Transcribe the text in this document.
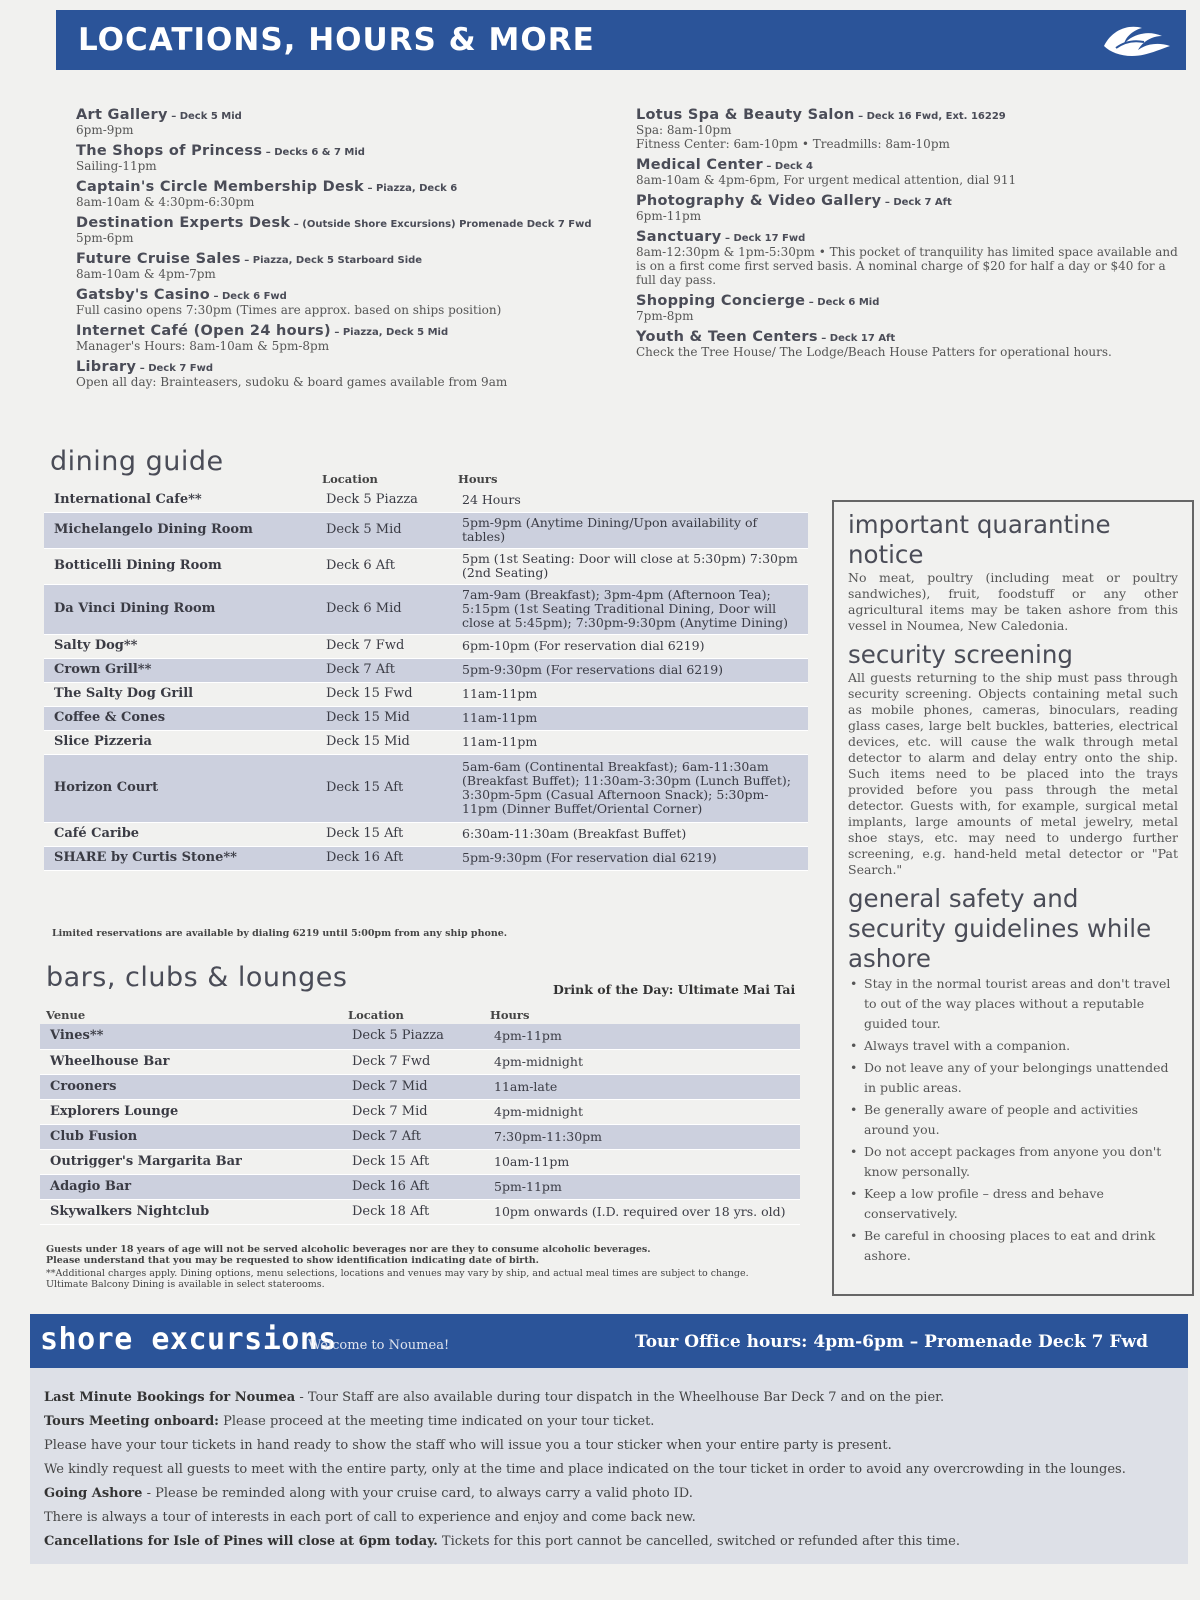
LOCATIONS, HOURS & MORE
Art Gallery – Deck 5 Mid
6pm-9pm
The Shops of Princess – Decks 6 & 7 Mid
Sailing-11pm
Captain's Circle Membership Desk – Piazza, Deck 6
8am-10am & 4:30pm-6:30pm
Destination Experts Desk – (Outside Shore Excursions) Promenade Deck 7 Fwd
5pm-6pm
Future Cruise Sales – Piazza, Deck 5 Starboard Side
8am-10am & 4pm-7pm
Gatsby's Casino – Deck 6 Fwd
Full casino opens 7:30pm (Times are approx. based on ships position)
Internet Café (Open 24 hours) – Piazza, Deck 5 Mid
Manager's Hours: 8am-10am & 5pm-8pm
Library – Deck 7 Fwd
Open all day: Brainteasers, sudoku & board games available from 9am
Lotus Spa & Beauty Salon – Deck 16 Fwd, Ext. 16229
Spa: 8am-10pm
Fitness Center: 6am-10pm • Treadmills: 8am-10pm
Medical Center – Deck 4
8am-10am & 4pm-6pm, For urgent medical attention, dial 911
Photography & Video Gallery – Deck 7 Aft
6pm-11pm
Sanctuary – Deck 17 Fwd
8am-12:30pm & 1pm-5:30pm • This pocket of tranquility has limited space available and is on a first come first served basis. A nominal charge of $20 for half a day or $40 for a full day pass.
Shopping Concierge – Deck 6 Mid
7pm-8pm
Youth & Teen Centers – Deck 17 Aft
Check the Tree House/ The Lodge/Beach House Patters for operational hours.
dining guide
	Location	Hours
International Cafe**	Deck 5 Piazza	24 Hours
Michelangelo Dining Room	Deck 5 Mid	5pm-9pm (Anytime Dining/Upon availability of tables)
Botticelli Dining Room	Deck 6 Aft	5pm (1st Seating: Door will close at 5:30pm) 7:30pm (2nd Seating)
Da Vinci Dining Room	Deck 6 Mid	7am-9am (Breakfast); 3pm-4pm (Afternoon Tea); 5:15pm (1st Seating Traditional Dining, Door will close at 5:45pm); 7:30pm-9:30pm (Anytime Dining)
Salty Dog**	Deck 7 Fwd	6pm-10pm (For reservation dial 6219)
Crown Grill**	Deck 7 Aft	5pm-9:30pm (For reservations dial 6219)
The Salty Dog Grill	Deck 15 Fwd	11am-11pm
Coffee & Cones	Deck 15 Mid	11am-11pm
Slice Pizzeria	Deck 15 Mid	11am-11pm
Horizon Court	Deck 15 Aft	5am-6am (Continental Breakfast); 6am-11:30am (Breakfast Buffet); 11:30am-3:30pm (Lunch Buffet); 3:30pm-5pm (Casual Afternoon Snack); 5:30pm-11pm (Dinner Buffet/Oriental Corner)
Café Caribe	Deck 15 Aft	6:30am-11:30am (Breakfast Buffet)
SHARE by Curtis Stone**	Deck 16 Aft	5pm-9:30pm (For reservation dial 6219)
Limited reservations are available by dialing 6219 until 5:00pm from any ship phone.
bars, clubs & lounges	Drink of the Day: Ultimate Mai Tai
Venue	Location	Hours
Vines**	Deck 5 Piazza	4pm-11pm
Wheelhouse Bar	Deck 7 Fwd	4pm-midnight
Crooners	Deck 7 Mid	11am-late
Explorers Lounge	Deck 7 Mid	4pm-midnight
Club Fusion	Deck 7 Aft	7:30pm-11:30pm
Outrigger's Margarita Bar	Deck 15 Aft	10am-11pm
Adagio Bar	Deck 16 Aft	5pm-11pm
Skywalkers Nightclub	Deck 18 Aft	10pm onwards (I.D. required over 18 yrs. old)
Guests under 18 years of age will not be served alcoholic beverages nor are they to consume alcoholic beverages.
Please understand that you may be requested to show identification indicating date of birth.
**Additional charges apply. Dining options, menu selections, locations and venues may vary by ship, and actual meal times are subject to change. Ultimate Balcony Dining is available in select staterooms.
important quarantine notice
No meat, poultry (including meat or poultry sandwiches), fruit, foodstuff or any other agricultural items may be taken ashore from this vessel in Noumea, New Caledonia.
security screening
All guests returning to the ship must pass through security screening. Objects containing metal such as mobile phones, cameras, binoculars, reading glass cases, large belt buckles, batteries, electrical devices, etc. will cause the walk through metal detector to alarm and delay entry onto the ship. Such items need to be placed into the trays provided before you pass through the metal detector. Guests with, for example, surgical metal implants, large amounts of metal jewelry, metal shoe stays, etc. may need to undergo further screening, e.g. hand-held metal detector or "Pat Search."
general safety and security guidelines while ashore
• Stay in the normal tourist areas and don't travel to out of the way places without a reputable guided tour.
• Always travel with a companion.
• Do not leave any of your belongings unattended in public areas.
• Be generally aware of people and activities around you.
• Do not accept packages from anyone you don't know personally.
• Keep a low profile – dress and behave conservatively.
• Be careful in choosing places to eat and drink ashore.
shore excursions
Welcome to Noumea!	Tour Office hours: 4pm-6pm – Promenade Deck 7 Fwd
Last Minute Bookings for Noumea - Tour Staff are also available during tour dispatch in the Wheelhouse Bar Deck 7 and on the pier.
Tours Meeting onboard: Please proceed at the meeting time indicated on your tour ticket.
Please have your tour tickets in hand ready to show the staff who will issue you a tour sticker when your entire party is present.
We kindly request all guests to meet with the entire party, only at the time and place indicated on the tour ticket in order to avoid any overcrowding in the lounges.
Going Ashore - Please be reminded along with your cruise card, to always carry a valid photo ID.
There is always a tour of interests in each port of call to experience and enjoy and come back new.
Cancellations for Isle of Pines will close at 6pm today. Tickets for this port cannot be cancelled, switched or refunded after this time.
